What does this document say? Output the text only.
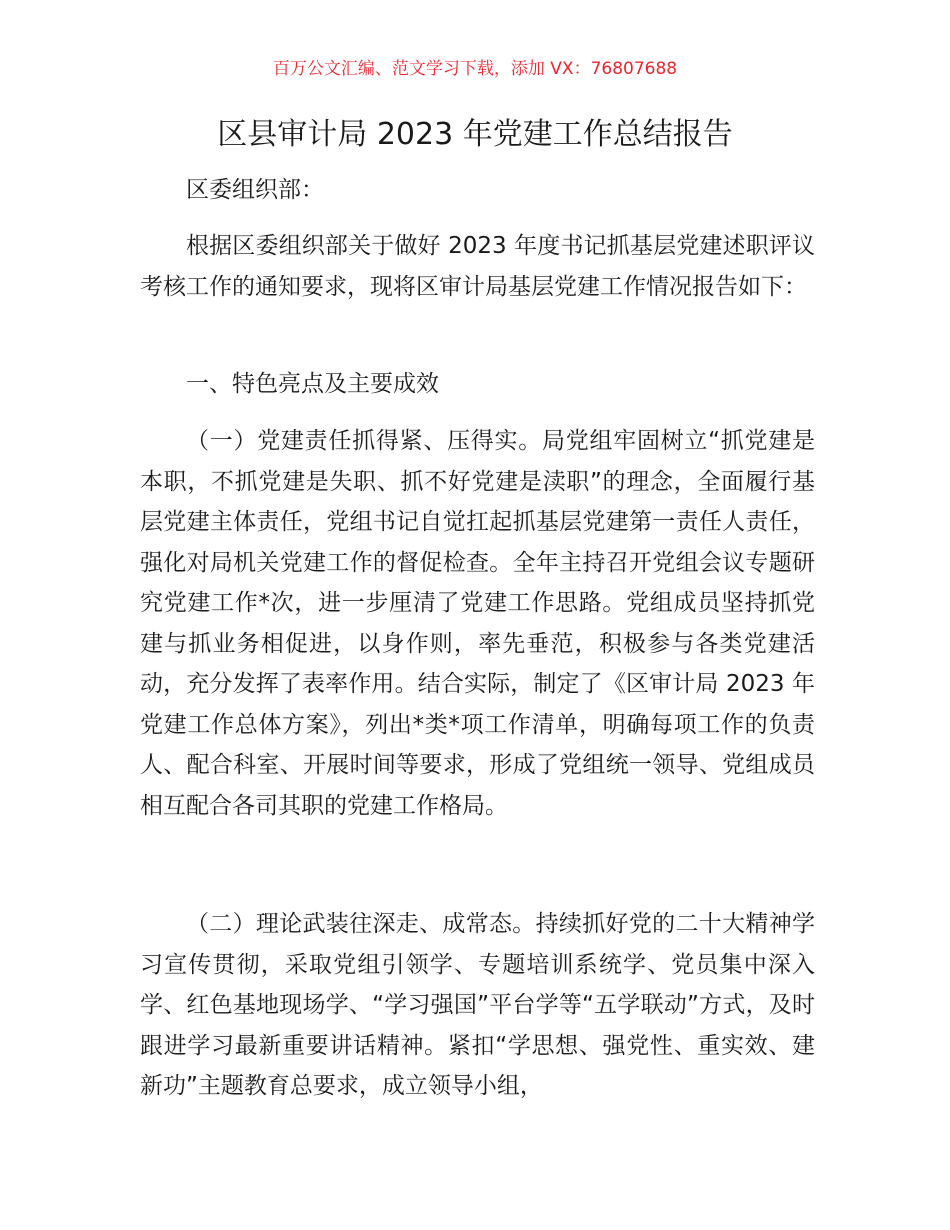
百万公文汇编、范文学习下载，添加 VX：76807688
区县审计局 2023 年党建工作总结报告

区委组织部：

根据区委组织部关于做好 2023 年度书记抓基层党建述职评议考核工作的通知要求，现将区审计局基层党建工作情况报告如下：

一、特色亮点及主要成效

（一）党建责任抓得紧、压得实。局党组牢固树立“抓党建是本职，不抓党建是失职、抓不好党建是渎职”的理念，全面履行基层党建主体责任，党组书记自觉扛起抓基层党建第一责任人责任，强化对局机关党建工作的督促检查。全年主持召开党组会议专题研究党建工作*次，进一步厘清了党建工作思路。党组成员坚持抓党建与抓业务相促进，以身作则，率先垂范，积极参与各类党建活动，充分发挥了表率作用。结合实际，制定了《区审计局 2023 年党建工作总体方案》，列出*类*项工作清单，明确每项工作的负责人、配合科室、开展时间等要求，形成了党组统一领导、党组成员相互配合各司其职的党建工作格局。

（二）理论武装往深走、成常态。持续抓好党的二十大精神学习宣传贯彻，采取党组引领学、专题培训系统学、党员集中深入学、红色基地现场学、“学习强国”平台学等“五学联动”方式，及时跟进学习最新重要讲话精神。紧扣“学思想、强党性、重实效、建新功”主题教育总要求，成立领导小组，
